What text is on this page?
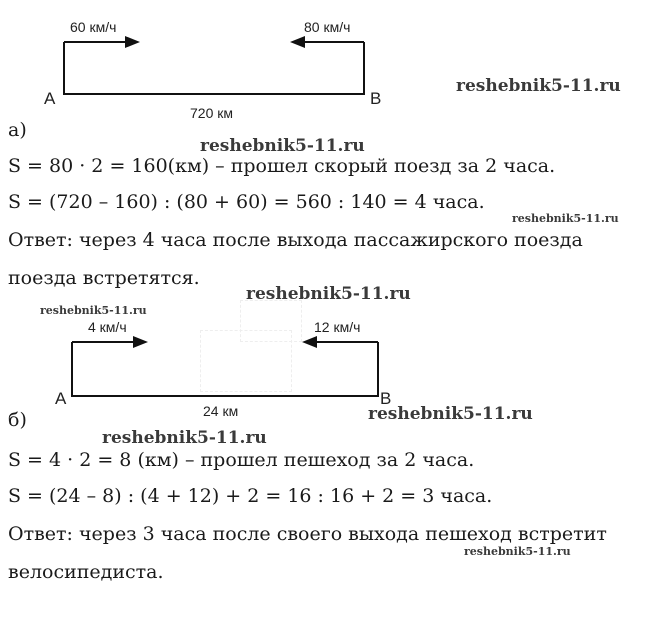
60 км/ч	80 км/ч
A	B
720 км
4 км/ч	12 км/ч
A	B
24 км
а)
S = 80 · 2 = 160(км) – прошел скорый поезд за 2 часа.
S = (720 – 160) : (80 + 60) = 560 : 140 = 4 часа.
Ответ: через 4 часа после выхода пассажирского поезда
поезда встретятся.
б)
S = 4 · 2 = 8 (км) – прошел пешеход за 2 часа.
S = (24 – 8) : (4 + 12) + 2 = 16 : 16 + 2 = 3 часа.
Ответ: через 3 часа после своего выхода пешеход встретит
велосипедиста.
reshebnik5-11.ru
reshebnik5-11.ru
reshebnik5-11.ru
reshebnik5-11.ru
reshebnik5-11.ru
reshebnik5-11.ru
reshebnik5-11.ru
reshebnik5-11.ru
